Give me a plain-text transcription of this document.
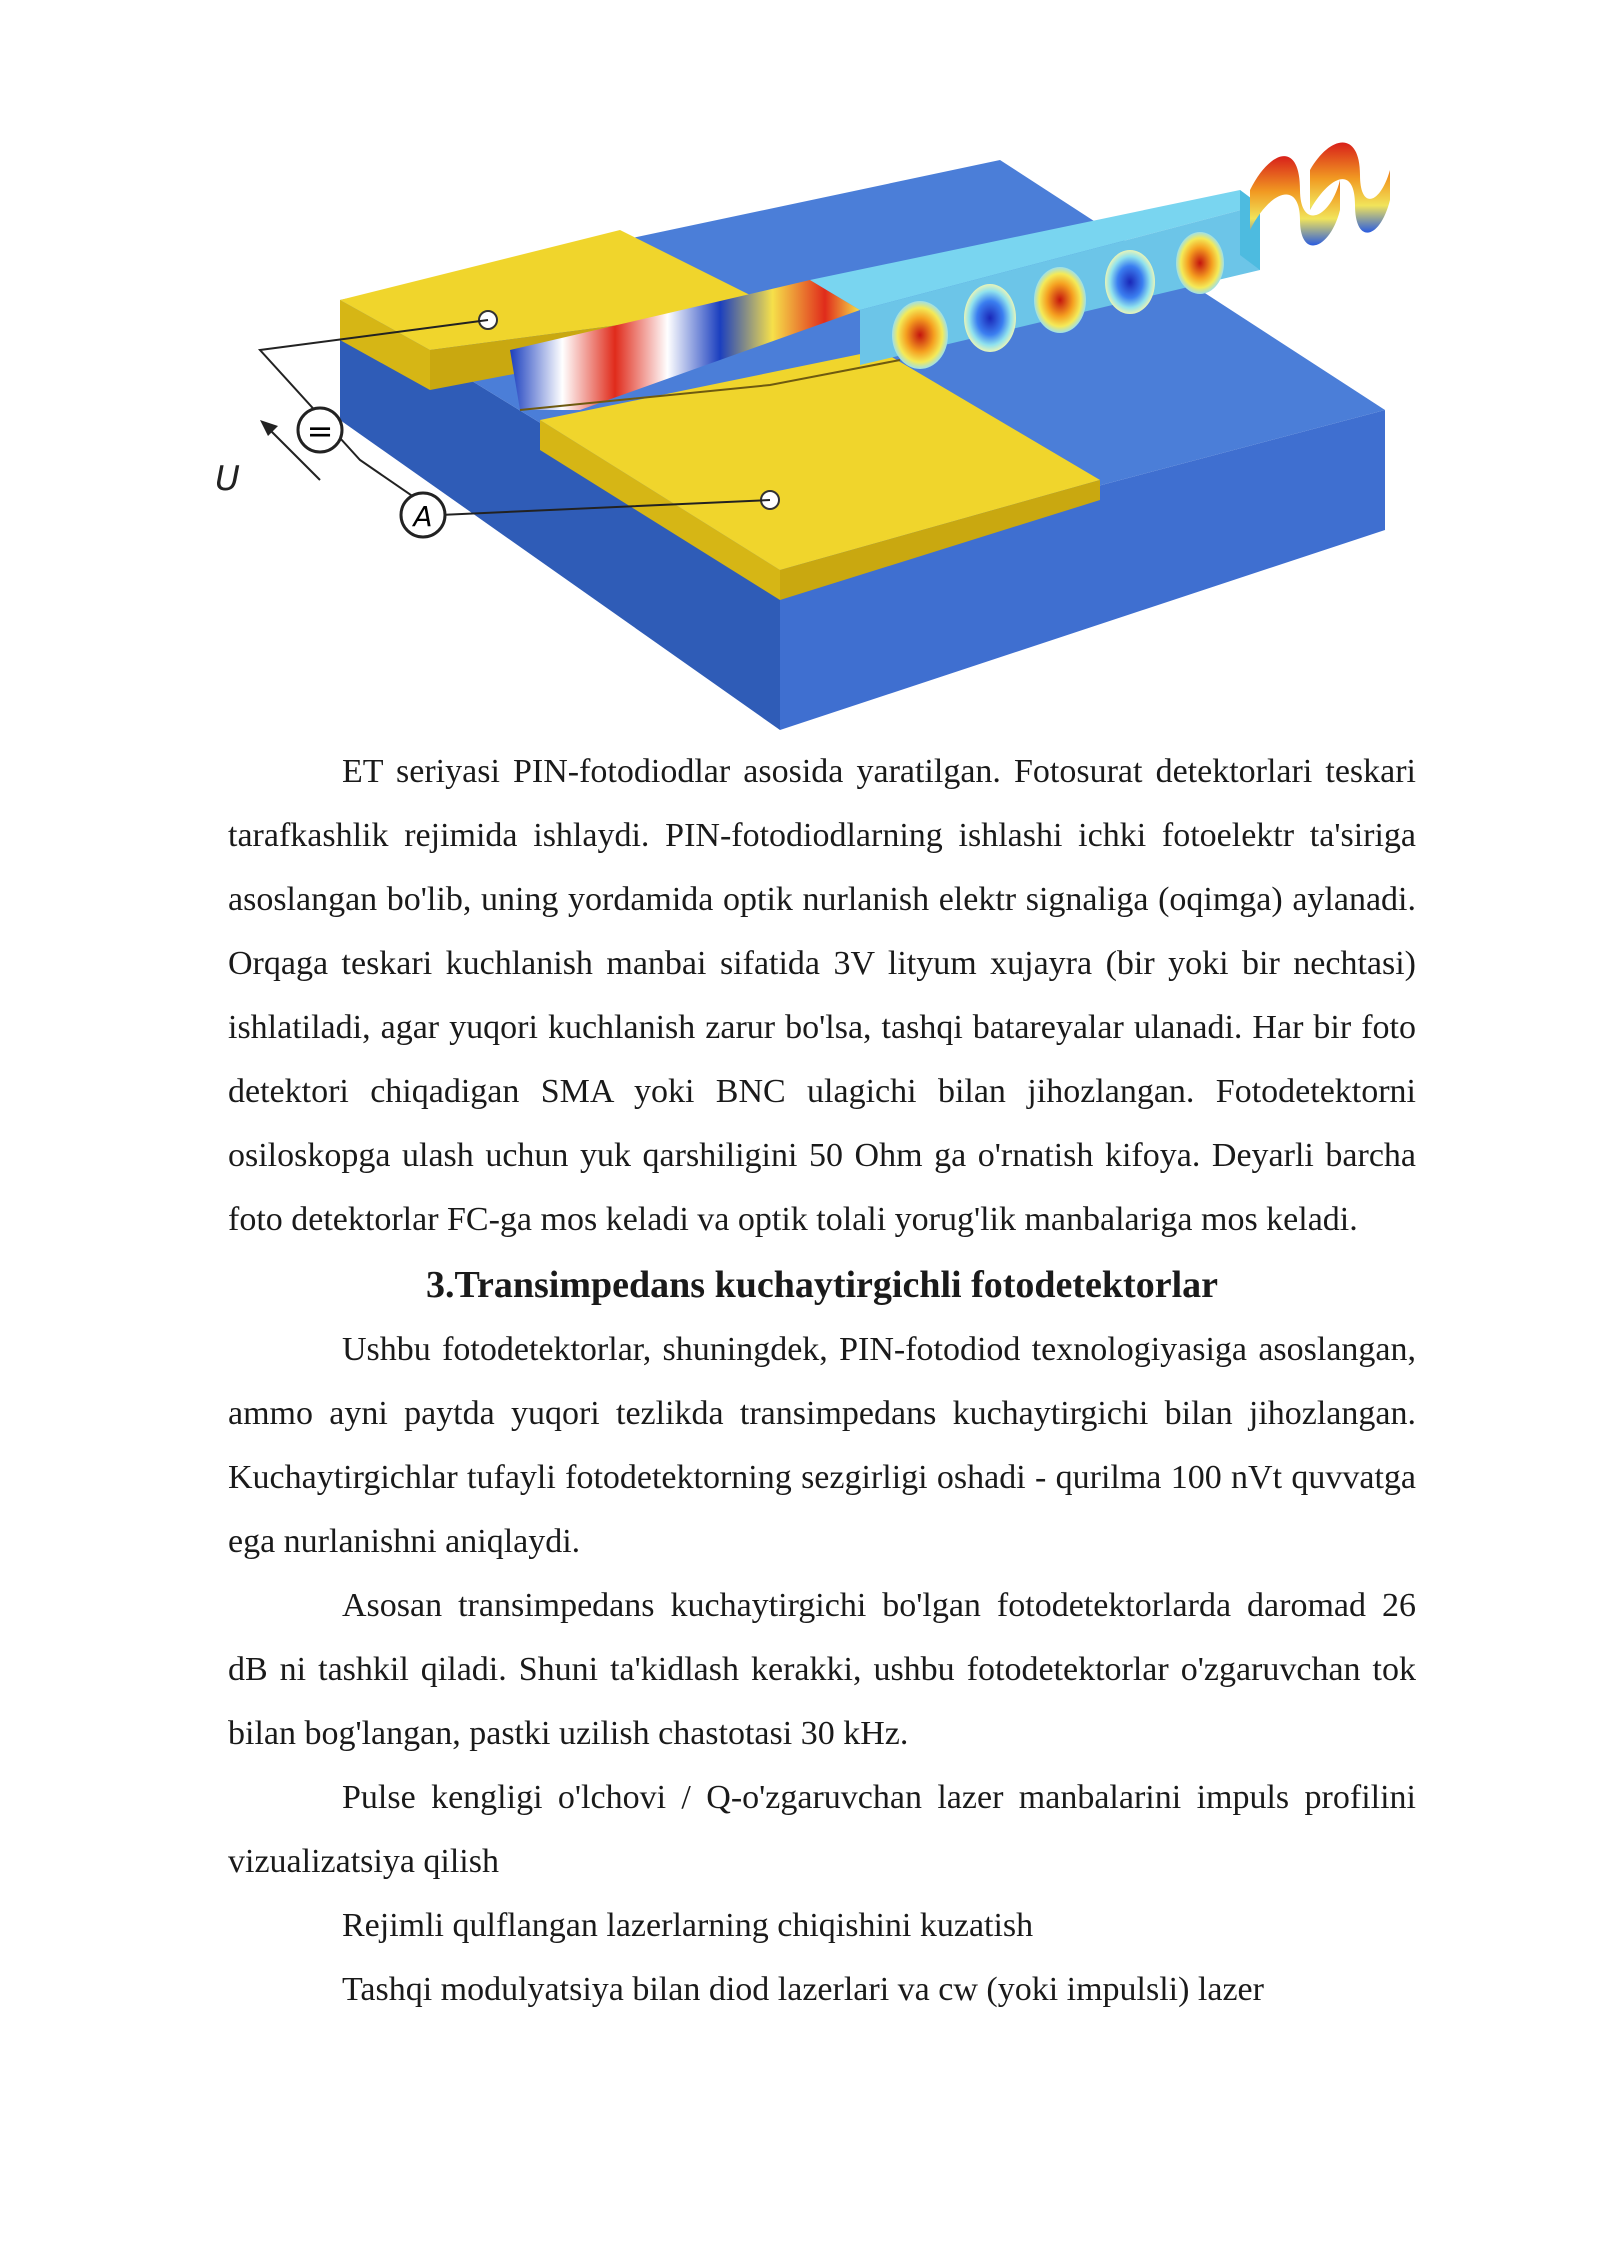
=
A
U

ET seriyasi PIN-fotodiodlar asosida yaratilgan. Fotosurat detektorlari teskari tarafkashlik rejimida ishlaydi. PIN-fotodiodlarning ishlashi ichki fotoelektr ta'siriga asoslangan bo'lib, uning yordamida optik nurlanish elektr signaliga (oqimga) aylanadi. Orqaga teskari kuchlanish manbai sifatida 3V lityum xujayra (bir yoki bir nechtasi) ishlatiladi, agar yuqori kuchlanish zarur bo'lsa, tashqi batareyalar ulanadi. Har bir foto detektori chiqadigan SMA yoki BNC ulagichi bilan jihozlangan. Fotodetektorni osiloskopga ulash uchun yuk qarshiligini 50 Ohm ga o'rnatish kifoya. Deyarli barcha foto detektorlar FC-ga mos keladi va optik tolali yorug'lik manbalariga mos keladi.

3.Transimpedans kuchaytirgichli fotodetektorlar

Ushbu fotodetektorlar, shuningdek, PIN-fotodiod texnologiyasiga asoslangan, ammo ayni paytda yuqori tezlikda transimpedans kuchaytirgichi bilan jihozlangan. Kuchaytirgichlar tufayli fotodetektorning sezgirligi oshadi - qurilma 100 nVt quvvatga ega nurlanishni aniqlaydi.

Asosan transimpedans kuchaytirgichi bo'lgan fotodetektorlarda daromad 26 dB ni tashkil qiladi. Shuni ta'kidlash kerakki, ushbu fotodetektorlar o'zgaruvchan tok bilan bog'langan, pastki uzilish chastotasi 30 kHz.

Pulse kengligi o'lchovi / Q-o'zgaruvchan lazer manbalarini impuls profilini vizualizatsiya qilish

Rejimli qulflangan lazerlarning chiqishini kuzatish

Tashqi modulyatsiya bilan diod lazerlari va cw (yoki impulsli) lazer
